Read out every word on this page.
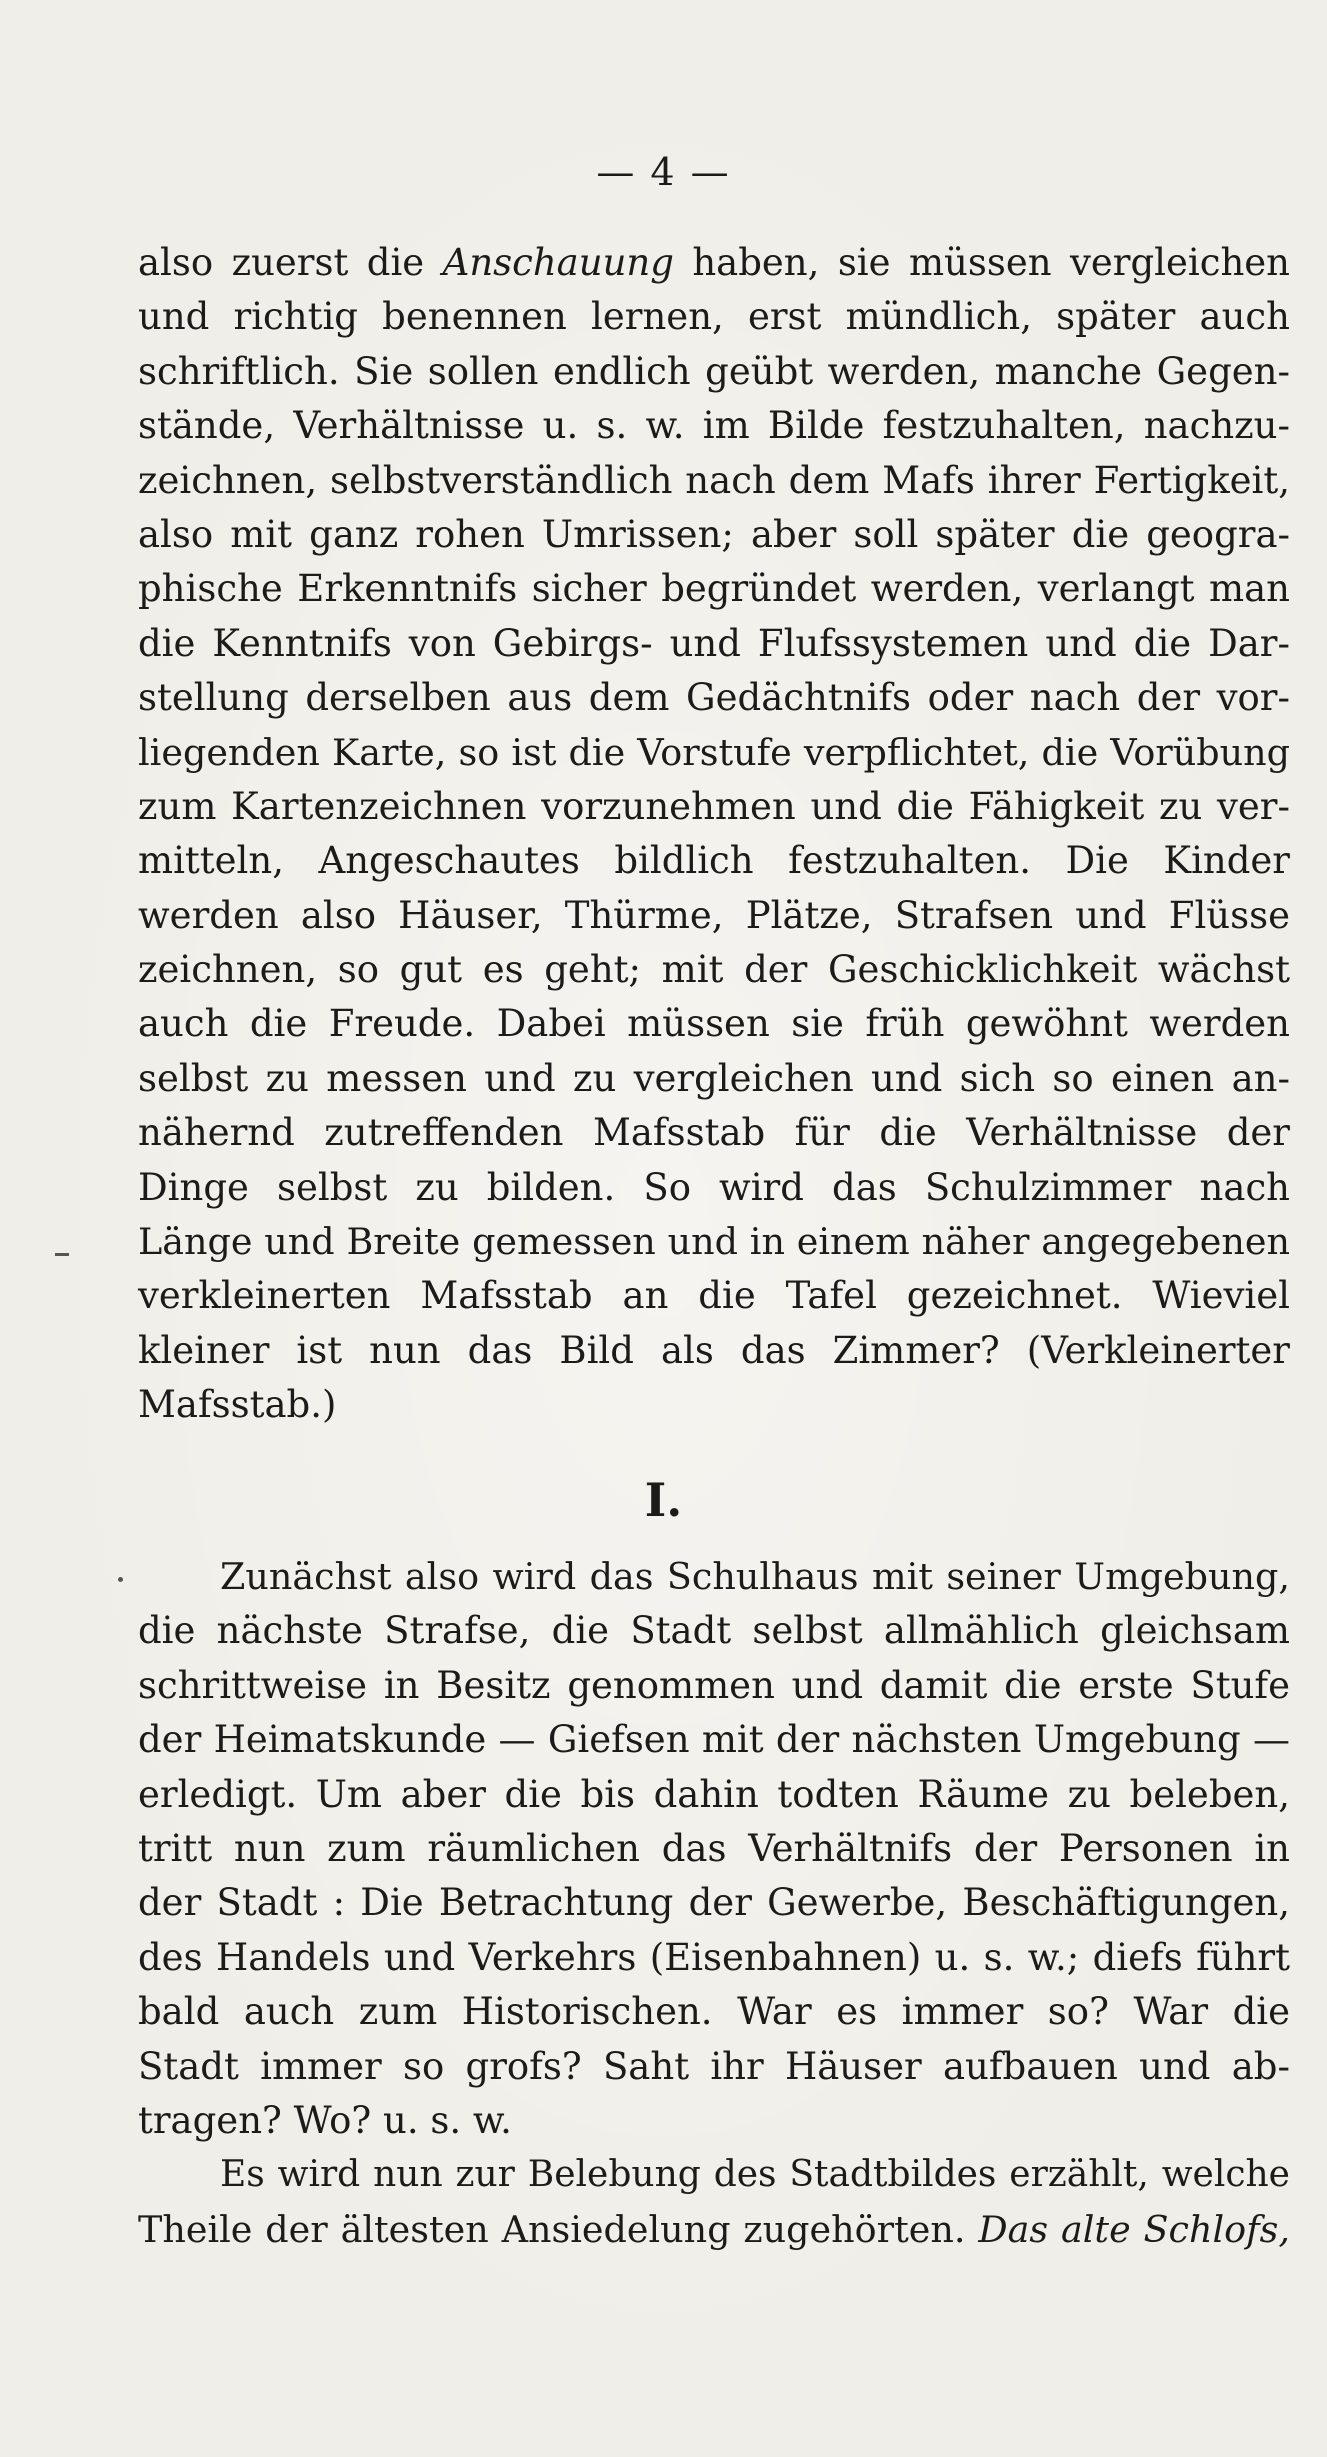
— 4 —
also zuerst die Anschauung haben, sie müssen vergleichen
und richtig benennen lernen, erst mündlich, später auch
schriftlich. Sie sollen endlich geübt werden, manche Gegen-
stände, Verhältnisse u. s. w. im Bilde festzuhalten, nachzu-
zeichnen, selbstverständlich nach dem Mafs ihrer Fertigkeit,
also mit ganz rohen Umrissen; aber soll später die geogra-
phische Erkenntnifs sicher begründet werden, verlangt man
die Kenntnifs von Gebirgs- und Flufssystemen und die Dar-
stellung derselben aus dem Gedächtnifs oder nach der vor-
liegenden Karte, so ist die Vorstufe verpflichtet, die Vorübung
zum Kartenzeichnen vorzunehmen und die Fähigkeit zu ver-
mitteln, Angeschautes bildlich festzuhalten. Die Kinder
werden also Häuser, Thürme, Plätze, Strafsen und Flüsse
zeichnen, so gut es geht; mit der Geschicklichkeit wächst
auch die Freude. Dabei müssen sie früh gewöhnt werden
selbst zu messen und zu vergleichen und sich so einen an-
nähernd zutreffenden Mafsstab für die Verhältnisse der
Dinge selbst zu bilden. So wird das Schulzimmer nach
Länge und Breite gemessen und in einem näher angegebenen
verkleinerten Mafsstab an die Tafel gezeichnet. Wieviel
kleiner ist nun das Bild als das Zimmer? (Verkleinerter
Mafsstab.)
I.
Zunächst also wird das Schulhaus mit seiner Umgebung,
die nächste Strafse, die Stadt selbst allmählich gleichsam
schrittweise in Besitz genommen und damit die erste Stufe
der Heimatskunde — Giefsen mit der nächsten Umgebung —
erledigt. Um aber die bis dahin todten Räume zu beleben,
tritt nun zum räumlichen das Verhältnifs der Personen in
der Stadt : Die Betrachtung der Gewerbe, Beschäftigungen,
des Handels und Verkehrs (Eisenbahnen) u. s. w.; diefs führt
bald auch zum Historischen. War es immer so? War die
Stadt immer so grofs? Saht ihr Häuser aufbauen und ab-
tragen? Wo? u. s. w.
Es wird nun zur Belebung des Stadtbildes erzählt, welche
Theile der ältesten Ansiedelung zugehörten. Das alte Schlofs,
